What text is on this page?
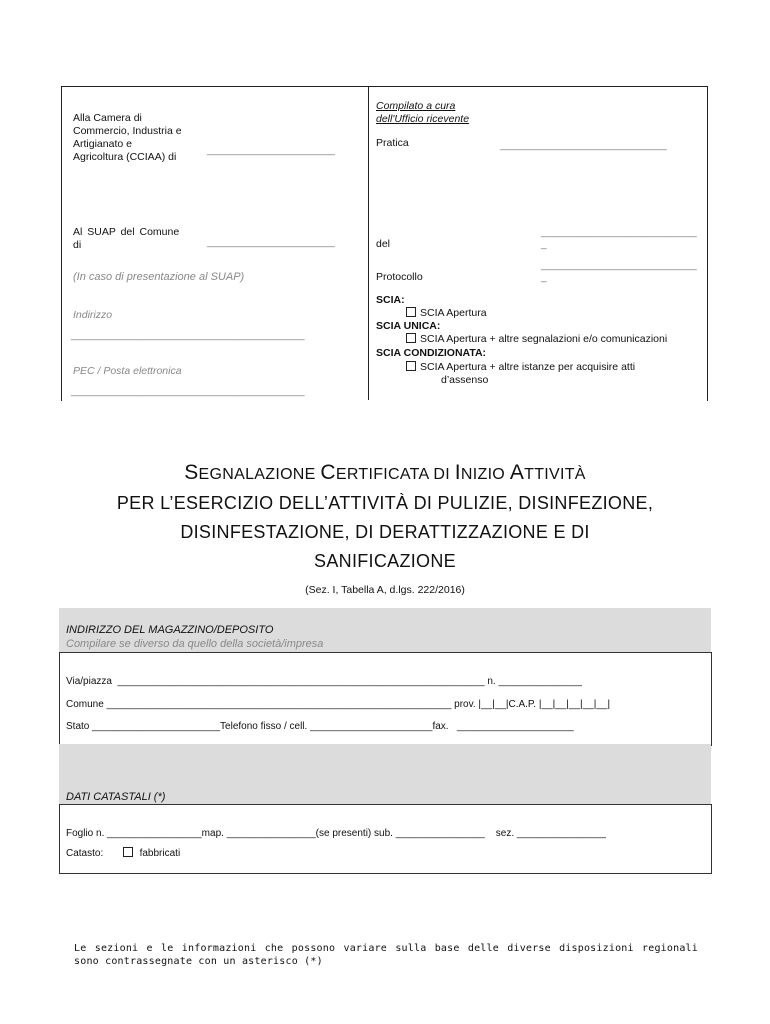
Alla Camera di
Commercio, Industria e
Artigianato e
Agricoltura (CCIAA) di
_______________________
Al SUAP del Comune
di	_______________________
(In caso di presentazione al SUAP)
Indirizzo
__________________________________________
PEC / Posta elettronica
__________________________________________
Compilato a cura
dell'Ufficio ricevente
Pratica	______________________________
del
____________________________
_
Protocollo
____________________________
_
SCIA:
SCIA Apertura
SCIA UNICA:
SCIA Apertura + altre segnalazioni e/o comunicazioni
SCIA CONDIZIONATA:
SCIA Apertura + altre istanze per acquisire atti
d’assenso
SEGNALAZIONE CERTIFICATA DI INIZIO ATTIVITÀ
PER L’ESERCIZIO DELL’ATTIVITÀ DI PULIZIE, DISINFEZIONE,
DISINFESTAZIONE, DI DERATTIZZAZIONE E DI
SANIFICAZIONE
(Sez. I, Tabella A, d.lgs. 222/2016)
INDIRIZZO DEL MAGAZZINO/DEPOSITO
Compilare se diverso da quello della società/impresa
Via/piazza  __________________________________________________________________ n. _______________
Comune ______________________________________________________________ prov. |__|__|C.A.P. |__|__|__|__|__|
Stato _______________________Telefono fisso / cell. ______________________fax.   _____________________
DATI CATASTALI (*)
Foglio n. _________________map. ________________(se presenti) sub. ________________    sez. ________________
Catasto:	fabbricati
Le sezioni e le informazioni che possono variare sulla base delle diverse disposizioni regionali sono contrassegnate con un asterisco (*)
